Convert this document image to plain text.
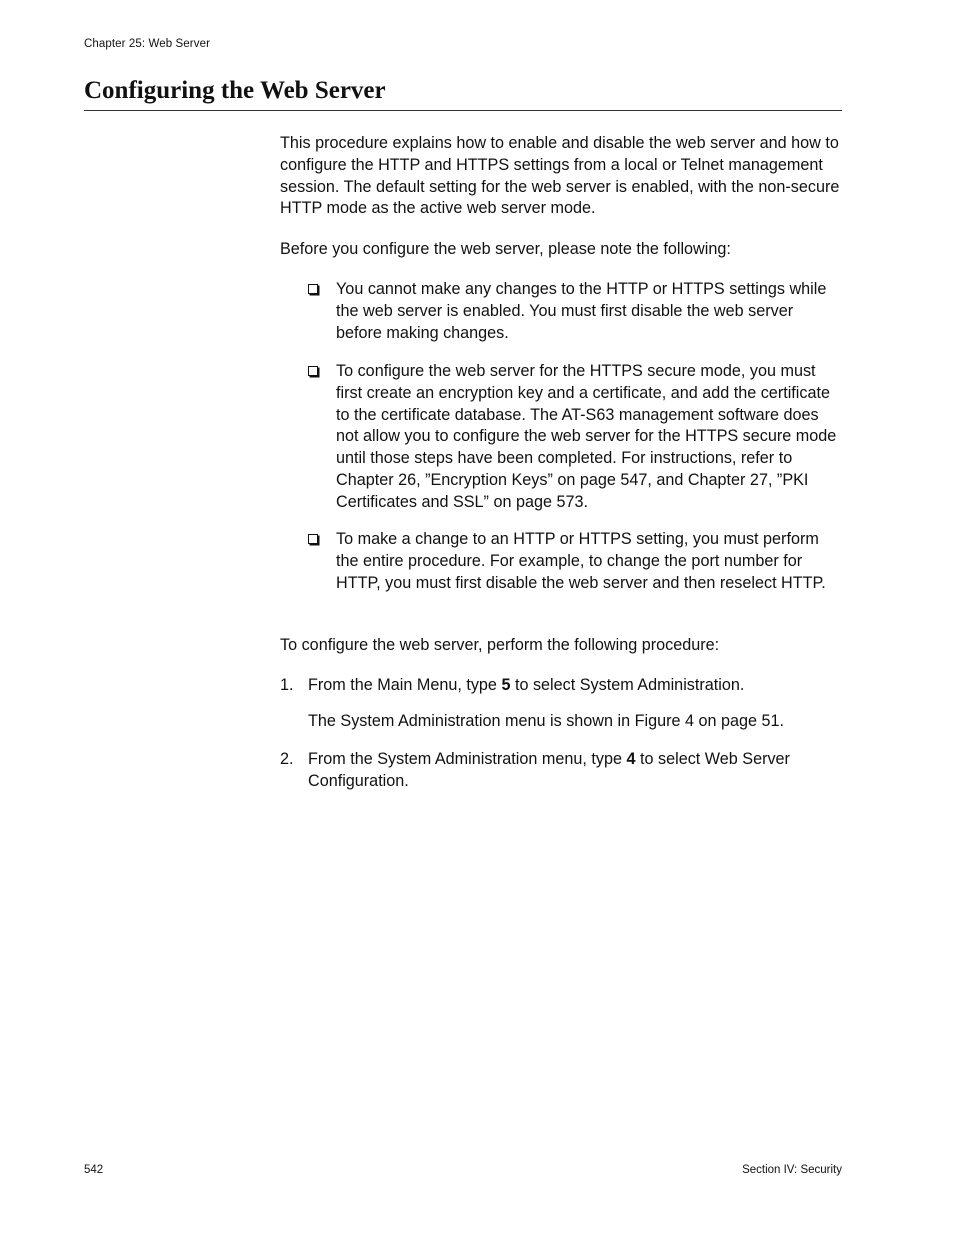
Chapter 25: Web Server
Configuring the Web Server

This procedure explains how to enable and disable the web server and how to configure the HTTP and HTTPS settings from a local or Telnet management session. The default setting for the web server is enabled, with the non-secure HTTP mode as the active web server mode.

Before you configure the web server, please note the following:

You cannot make any changes to the HTTP or HTTPS settings while the web server is enabled. You must first disable the web server before making changes.
To configure the web server for the HTTPS secure mode, you must first create an encryption key and a certificate, and add the certificate to the certificate database. The AT-S63 management software does not allow you to configure the web server for the HTTPS secure mode until those steps have been completed. For instructions, refer to Chapter 26, ”Encryption Keys” on page 547, and Chapter 27, ”PKI Certificates and SSL” on page 573.
To make a change to an HTTP or HTTPS setting, you must perform the entire procedure. For example, to change the port number for HTTP, you must first disable the web server and then reselect HTTP.

To configure the web server, perform the following procedure:

1. From the Main Menu, type 5 to select System Administration.
The System Administration menu is shown in Figure 4 on page 51.
2. From the System Administration menu, type 4 to select Web Server Configuration.
542	Section IV: Security
